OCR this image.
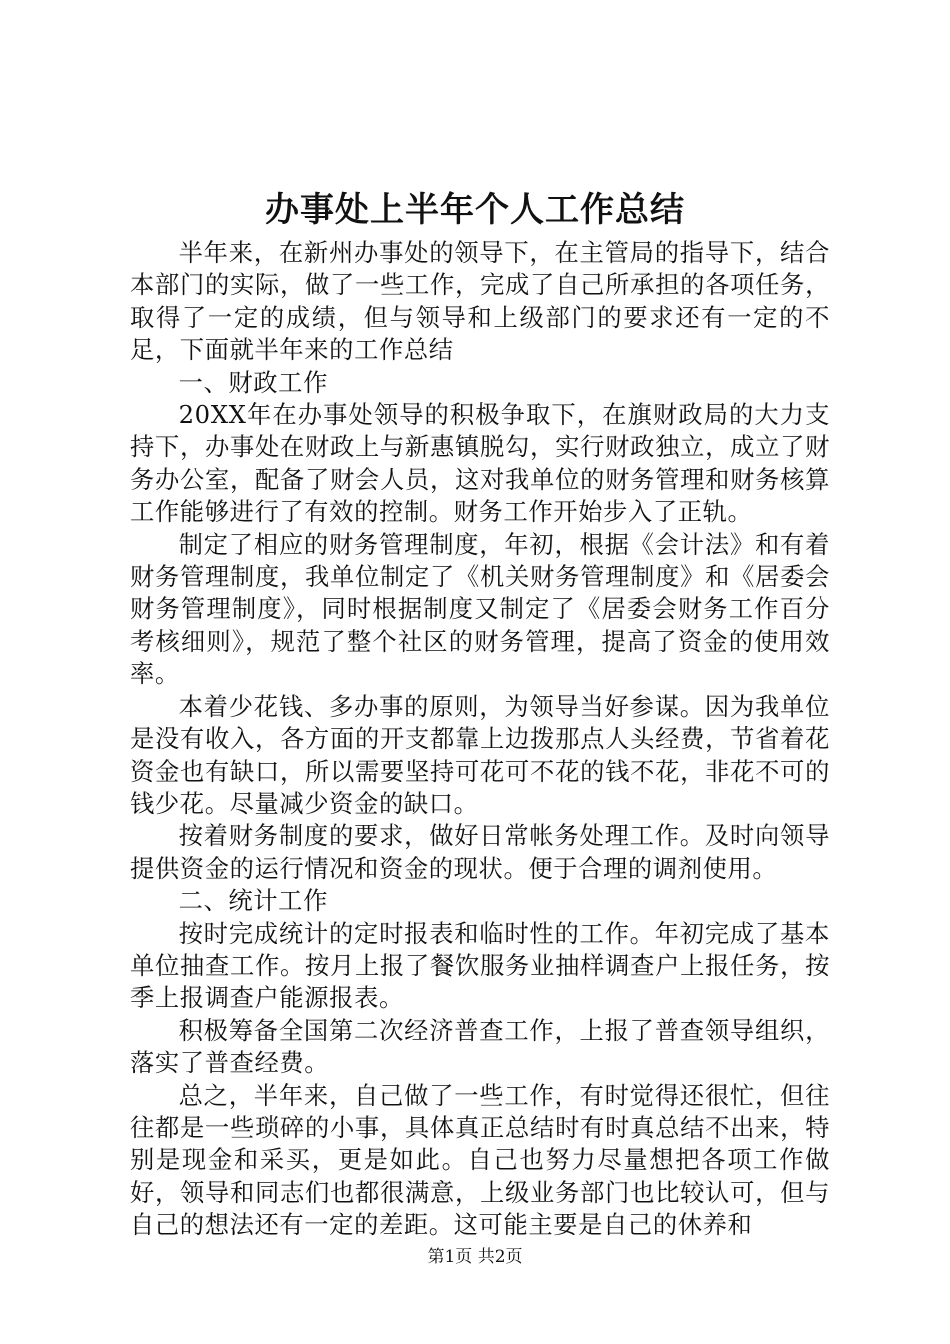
办事处上半年个人工作总结

半年来，在新州办事处的领导下，在主管局的指导下，结合本部门的实际，做了一些工作，完成了自己所承担的各项任务，取得了一定的成绩，但与领导和上级部门的要求还有一定的不足，下面就半年来的工作总结

一、财政工作

20XX年在办事处领导的积极争取下，在旗财政局的大力支持下，办事处在财政上与新惠镇脱勾，实行财政独立，成立了财务办公室，配备了财会人员，这对我单位的财务管理和财务核算工作能够进行了有效的控制。财务工作开始步入了正轨。

制定了相应的财务管理制度，年初，根据《会计法》和有着财务管理制度，我单位制定了《机关财务管理制度》和《居委会财务管理制度》，同时根据制度又制定了《居委会财务工作百分考核细则》，规范了整个社区的财务管理，提高了资金的使用效率。

本着少花钱、多办事的原则，为领导当好参谋。因为我单位是没有收入，各方面的开支都靠上边拨那点人头经费，节省着花资金也有缺口，所以需要坚持可花可不花的钱不花，非花不可的钱少花。尽量减少资金的缺口。

按着财务制度的要求，做好日常帐务处理工作。及时向领导提供资金的运行情况和资金的现状。便于合理的调剂使用。

二、统计工作

按时完成统计的定时报表和临时性的工作。年初完成了基本单位抽查工作。按月上报了餐饮服务业抽样调查户上报任务，按季上报调查户能源报表。

积极筹备全国第二次经济普查工作，上报了普查领导组织，落实了普查经费。

总之，半年来，自己做了一些工作，有时觉得还很忙，但往往都是一些琐碎的小事，具体真正总结时有时真总结不出来，特别是现金和采买，更是如此。自己也努力尽量想把各项工作做好，领导和同志们也都很满意，上级业务部门也比较认可，但与自己的想法还有一定的差距。这可能主要是自己的休养和

第1页 共2页
